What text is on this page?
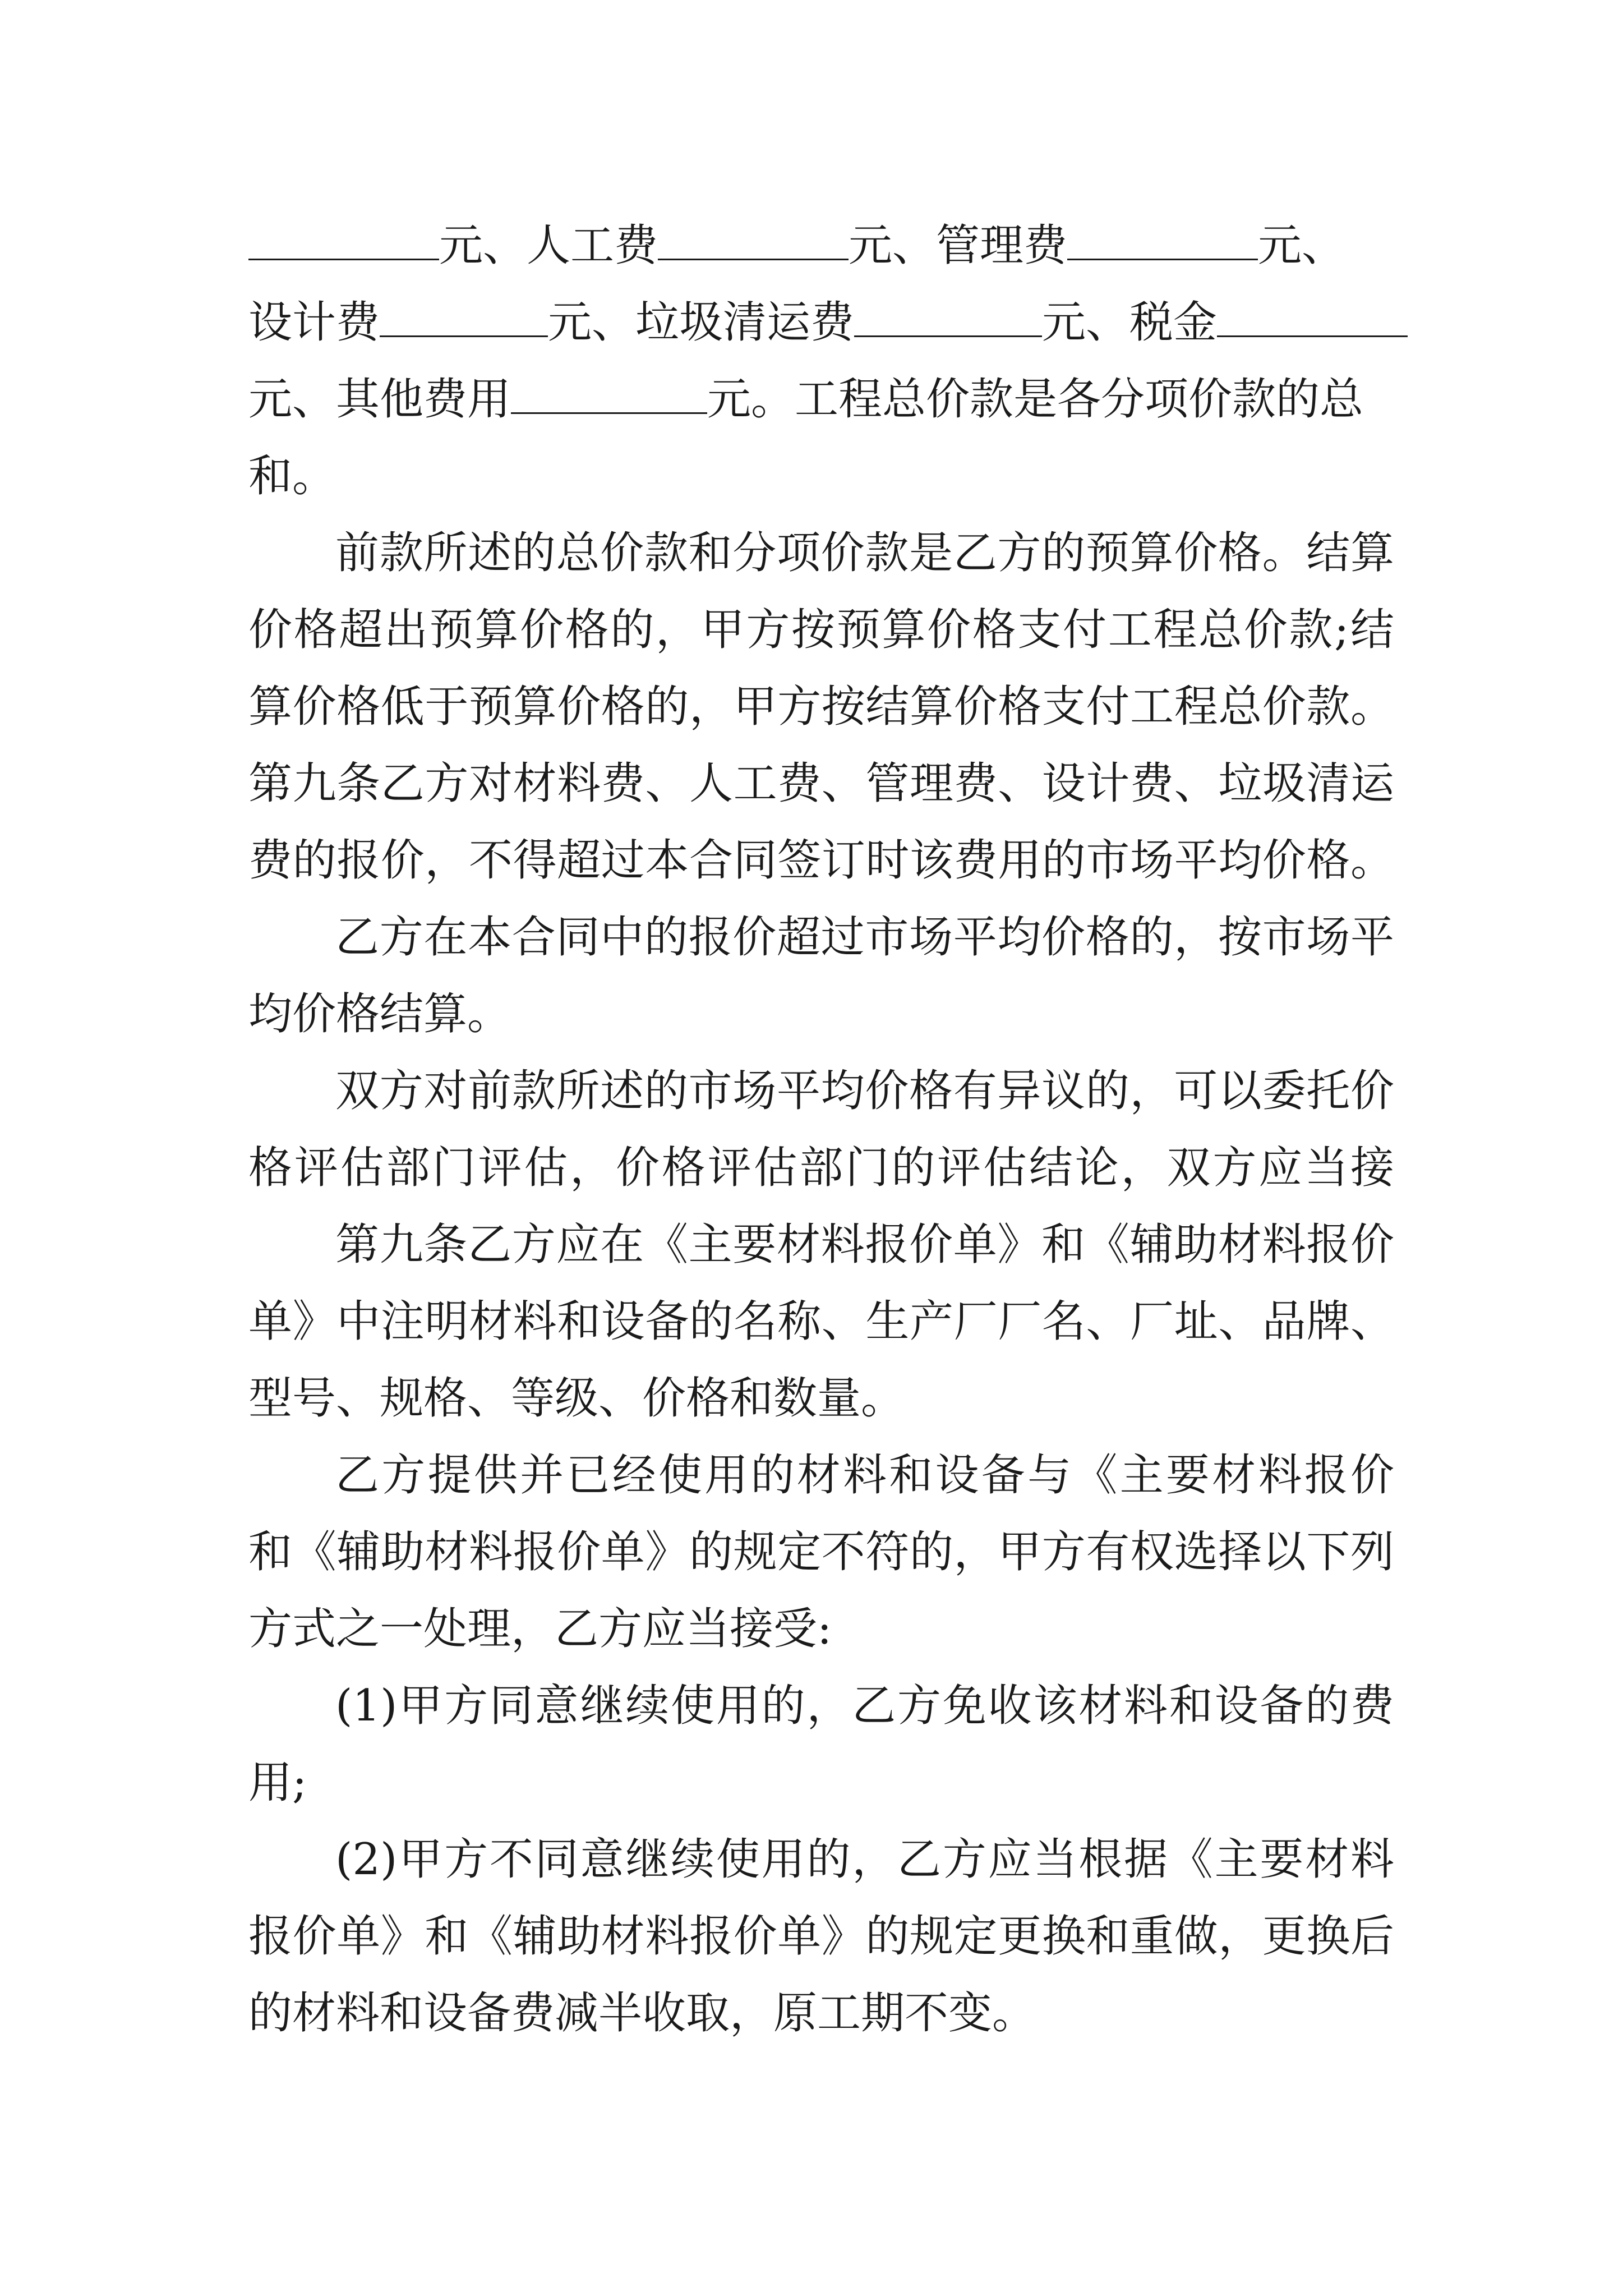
元、人工费	元、管理费	元、
设计费	元、垃圾清运费	元、税金
元、其他费用	元。工程总价款是各分项价款的总
和。
前款所述的总价款和分项价款是乙方的预算价格。结算
价格超出预算价格的，甲方按预算价格支付工程总价款;结
算价格低于预算价格的，甲方按结算价格支付工程总价款。
第九条乙方对材料费、人工费、管理费、设计费、垃圾清运
费的报价，不得超过本合同签订时该费用的市场平均价格。
乙方在本合同中的报价超过市场平均价格的，按市场平
均价格结算。
双方对前款所述的市场平均价格有异议的，可以委托价
格评估部门评估，价格评估部门的评估结论，双方应当接
第九条乙方应在《主要材料报价单》和《辅助材料报价
单》中注明材料和设备的名称、生产厂厂名、厂址、品牌、
型号、规格、等级、价格和数量。
乙方提供并已经使用的材料和设备与《主要材料报价
和《辅助材料报价单》的规定不符的，甲方有权选择以下列
方式之一处理，乙方应当接受:
(1)甲方同意继续使用的，乙方免收该材料和设备的费
用;
(2)甲方不同意继续使用的，乙方应当根据《主要材料
报价单》和《辅助材料报价单》的规定更换和重做，更换后
的材料和设备费减半收取，原工期不变。
